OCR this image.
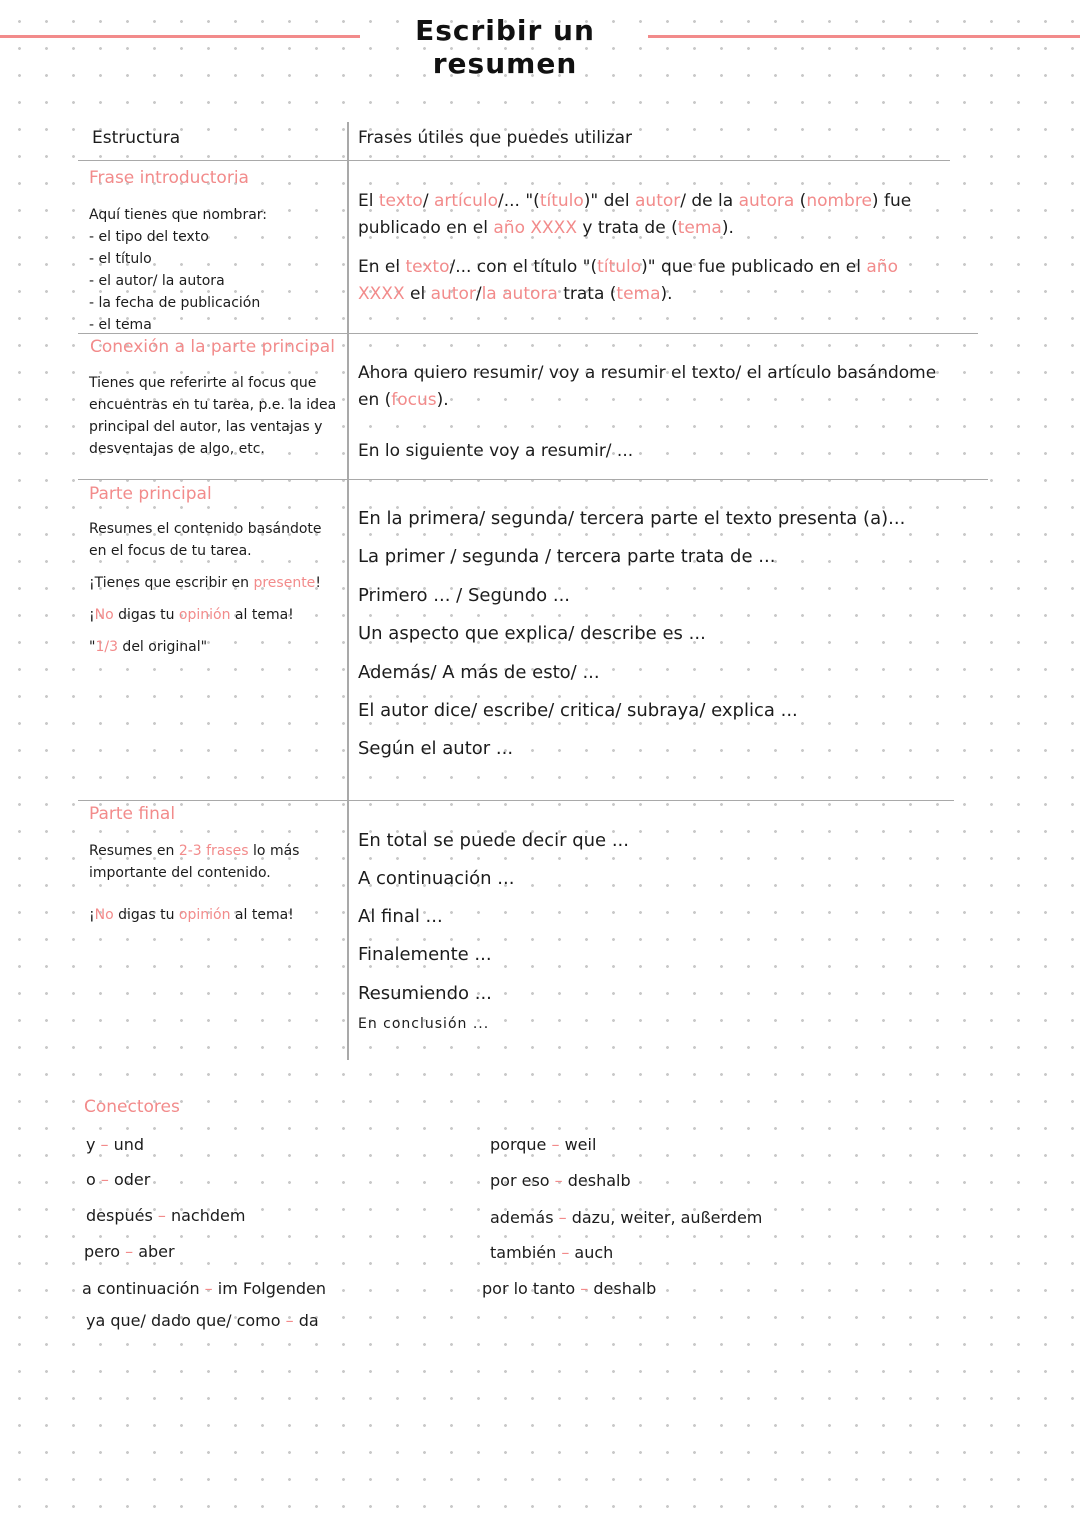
Escribir un resumen
Estructura	Frases útiles que puedes utilizar
Frase introductoria
Aquí tienes que nombrar:
- el tipo del texto
- el título
- el autor/ la autora
- la fecha de publicación
- el tema
El texto/ artículo/... "(título)" del autor/ de la autora (nombre) fue
publicado en el año XXXX y trata de (tema).
En el texto/... con el título "(título)" que fue publicado en el año
XXXX el autor/la autora trata (tema).
Conexión a la parte principal
Tienes que referirte al focus que
encuentras en tu tarea, p.e. la idea
principal del autor, las ventajas y
desventajas de algo, etc.
Ahora quiero resumir/ voy a resumir el texto/ el artículo basándome
en (focus).
En lo siguiente voy a resumir/ ...
Parte principal
Resumes el contenido basándote
en el focus de tu tarea.
¡Tienes que escribir en presente!
¡No digas tu opinión al tema!
"1/3 del original"
En la primera/ segunda/ tercera parte el texto presenta (a)...
La primer / segunda / tercera parte trata de ...
Primero ... / Segundo ...
Un aspecto que explica/ describe es ...
Además/ A más de esto/ ...
El autor dice/ escribe/ critica/ subraya/ explica ...
Según el autor ...
Parte final
Resumes en 2-3 frases lo más
importante del contenido.
¡No digas tu opinión al tema!
En total se puede decir que ...
A continuación ...
Al final ...
Finalemente ...
Resumiendo ...
En conclusión ...
Conectores
y – und
o – oder
después – nachdem
pero – aber
a continuación – im Folgenden
ya que/ dado que/ como – da
porque – weil
por eso – deshalb
además – dazu, weiter, außerdem
también – auch
por lo tanto – deshalb
